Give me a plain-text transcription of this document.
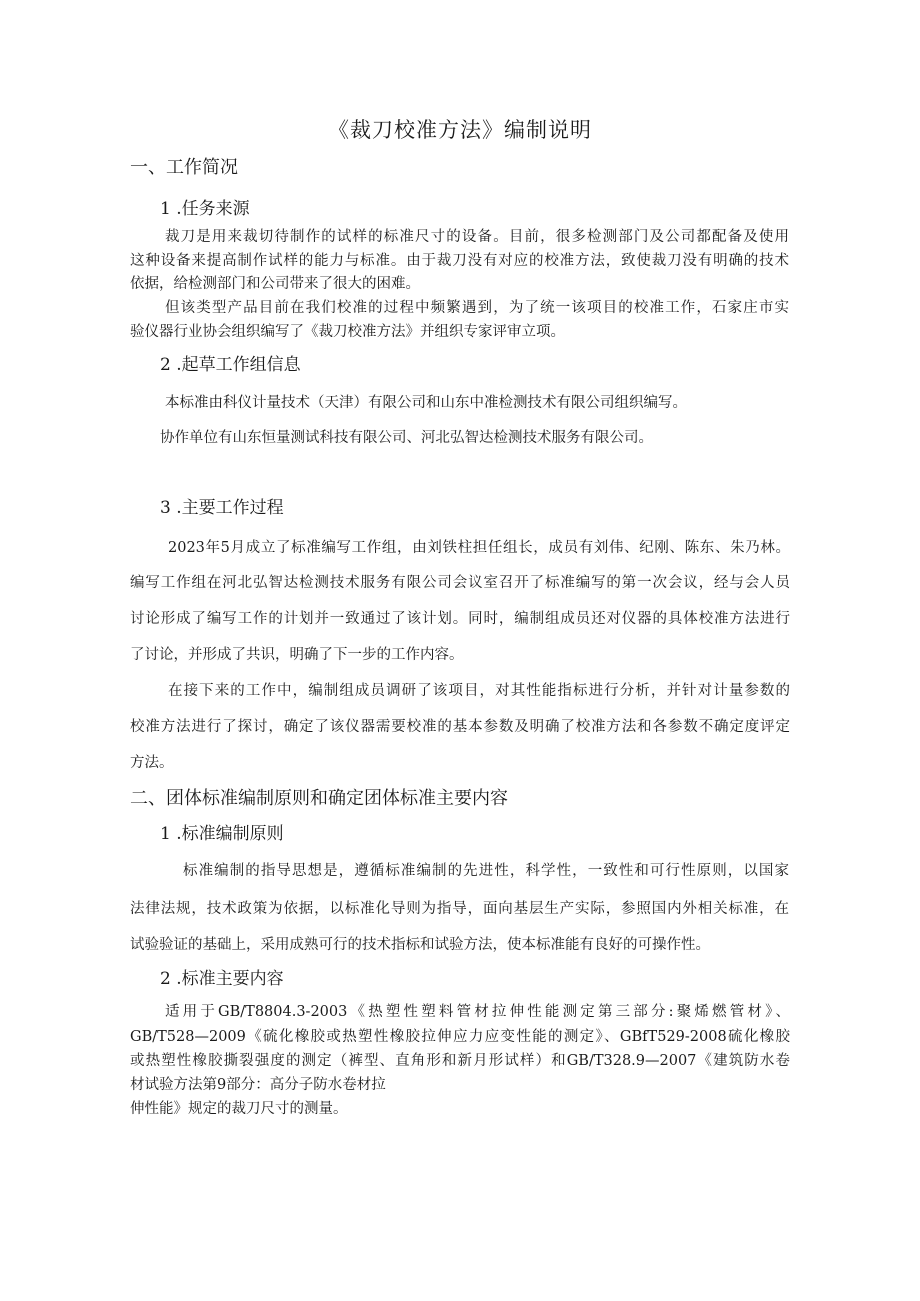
《裁刀校准方法》编制说明
一、工作简况
1 .任务来源
裁刀是用来裁切待制作的试样的标准尺寸的设备。目前，很多检测部门及公司都配备及使用
这种设备来提高制作试样的能力与标准。由于裁刀没有对应的校准方法，致使裁刀没有明确的技术
依据，给检测部门和公司带来了很大的困难。
但该类型产品目前在我们校准的过程中频繁遇到，为了统一该项目的校准工作，石家庄市实
验仪器行业协会组织编写了《裁刀校准方法》并组织专家评审立项。
2 .起草工作组信息
本标准由科仪计量技术（天津）有限公司和山东中准检测技术有限公司组织编写。
协作单位有山东恒量测试科技有限公司、河北弘智达检测技术服务有限公司。
3 .主要工作过程
2023年5月成立了标准编写工作组，由刘铁柱担任组长，成员有刘伟、纪刚、陈东、朱乃林。
编写工作组在河北弘智达检测技术服务有限公司会议室召开了标准编写的第一次会议，经与会人员
讨论形成了编写工作的计划并一致通过了该计划。同时，编制组成员还对仪器的具体校准方法进行
了讨论，并形成了共识，明确了下一步的工作内容。
在接下来的工作中，编制组成员调研了该项目，对其性能指标进行分析，并针对计量参数的
校准方法进行了探讨，确定了该仪器需要校准的基本参数及明确了校准方法和各参数不确定度评定
方法。
二、团体标准编制原则和确定团体标准主要内容
1 .标准编制原则
标准编制的指导思想是，遵循标准编制的先进性，科学性，一致性和可行性原则，以国家
法律法规，技术政策为依据，以标准化导则为指导，面向基层生产实际，参照国内外相关标准，在
试验验证的基础上，采用成熟可行的技术指标和试验方法，使本标准能有良好的可操作性。
2 .标准主要内容
适用于GB/T8804.3-2003《热塑性塑料管材拉伸性能测定第三部分:聚烯燃管材》、
GB/T528—2009《硫化橡胶或热塑性橡胶拉伸应力应变性能的测定》、GBfT529-2008硫化橡胶
或热塑性橡胶撕裂强度的测定（裤型、直角形和新月形试样）和GB/T328.9—2007《建筑防水卷
材试验方法第9部分：高分子防水卷材拉
伸性能》规定的裁刀尺寸的测量。
